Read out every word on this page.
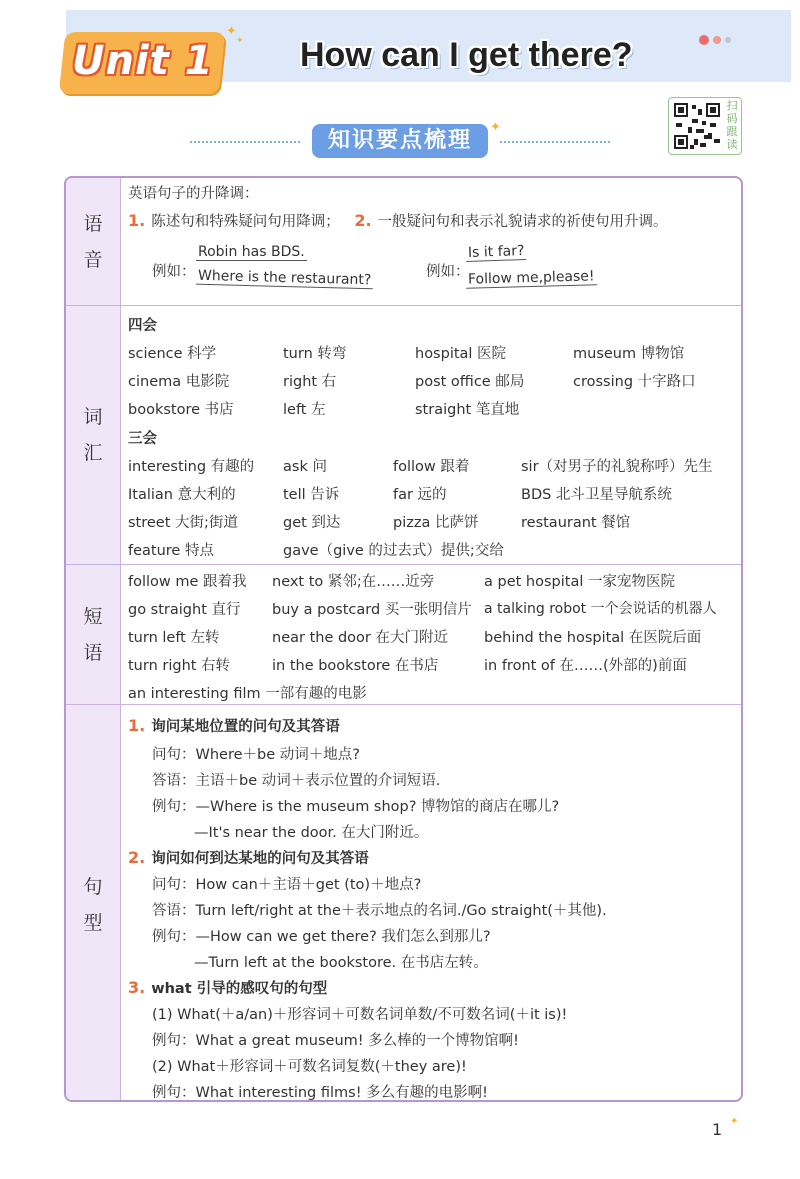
Unit 1
✦
✦ How can I get there?
扫码跟读
知识要点梳理
✦
语音
英语句子的升降调：
1. 陈述句和特殊疑问句用降调； 2. 一般疑问句和表示礼貌请求的祈使句用升调。
例如：
Robin has BDS.
Where is the restaurant?	例如：
Is it far?
Follow me,please!
词汇
四会
science 科学	turn 转弯	hospital 医院	museum 博物馆
cinema 电影院	right 右	post office 邮局	crossing 十字路口
bookstore 书店	left 左	straight 笔直地
三会
interesting 有趣的 ask 问	follow 跟着	sir（对男子的礼貌称呼）先生
Italian 意大利的	tell 告诉	far 远的	BDS 北斗卫星导航系统
street 大街;街道	get 到达	pizza 比萨饼	restaurant 餐馆
feature 特点	gave（give 的过去式）提供;交给
短语
follow me 跟着我 next to 紧邻;在……近旁	a pet hospital 一家宠物医院
go straight 直行 buy a postcard 买一张明信片 a talking robot 一个会说话的机器人
turn left 左转	near the door 在大门附近 behind the hospital 在医院后面
turn right 右转	in the bookstore 在书店	in front of 在……(外部的)前面
an interesting film 一部有趣的电影
句型
1. 询问某地位置的问句及其答语
问句：Where＋be 动词＋地点?
答语：主语＋be 动词＋表示位置的介词短语.
例句：—Where is the museum shop? 博物馆的商店在哪儿?
—It's near the door. 在大门附近。
2. 询问如何到达某地的问句及其答语
问句：How can＋主语＋get (to)＋地点?
答语：Turn left/right at the＋表示地点的名词./Go straight(＋其他).
例句：—How can we get there? 我们怎么到那儿?
—Turn left at the bookstore. 在书店左转。
3. what 引导的感叹句的句型
(1) What(＋a/an)＋形容词＋可数名词单数/不可数名词(＋it is)!
例句：What a great museum! 多么棒的一个博物馆啊!
(2) What＋形容词＋可数名词复数(＋they are)!
例句：What interesting films! 多么有趣的电影啊!
1 ✦
